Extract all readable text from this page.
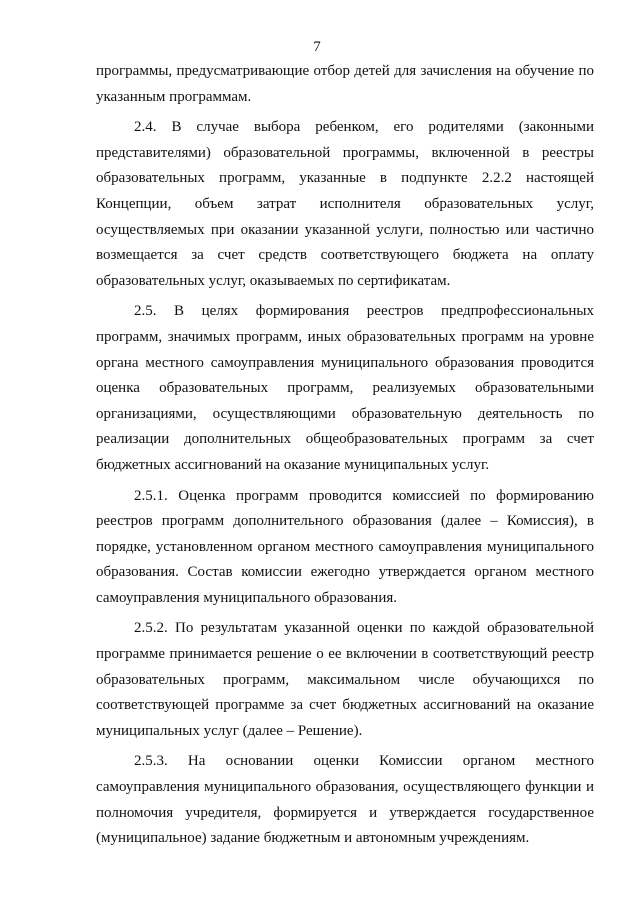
7

программы, предусматривающие отбор детей для зачисления на обучение по указанным программам.

2.4. В случае выбора ребенком, его родителями (законными представителями) образовательной программы, включенной в реестры образовательных программ, указанные в подпункте 2.2.2 настоящей Концепции, объем затрат исполнителя образовательных услуг, осуществляемых при оказании указанной услуги, полностью или частично возмещается за счет средств соответствующего бюджета на оплату образовательных услуг, оказываемых по сертификатам.

2.5. В целях формирования реестров предпрофессиональных программ, значимых программ, иных образовательных программ на уровне органа местного самоуправления муниципального образования проводится оценка образовательных программ, реализуемых образовательными организациями, осуществляющими образовательную деятельность по реализации дополнительных общеобразовательных программ за счет бюджетных ассигнований на оказание муниципальных услуг.

2.5.1. Оценка программ проводится комиссией по формированию реестров программ дополнительного образования (далее – Комиссия), в порядке, установленном органом местного самоуправления муниципального образования. Состав комиссии ежегодно утверждается органом местного самоуправления муниципального образования.

2.5.2. По результатам указанной оценки по каждой образовательной программе принимается решение о ее включении в соответствующий реестр образовательных программ, максимальном числе обучающихся по соответствующей программе за счет бюджетных ассигнований на оказание муниципальных услуг (далее – Решение).

2.5.3. На основании оценки Комиссии органом местного самоуправления муниципального образования, осуществляющего функции и полномочия учредителя, формируется и утверждается государственное (муниципальное) задание бюджетным и автономным учреждениям.
